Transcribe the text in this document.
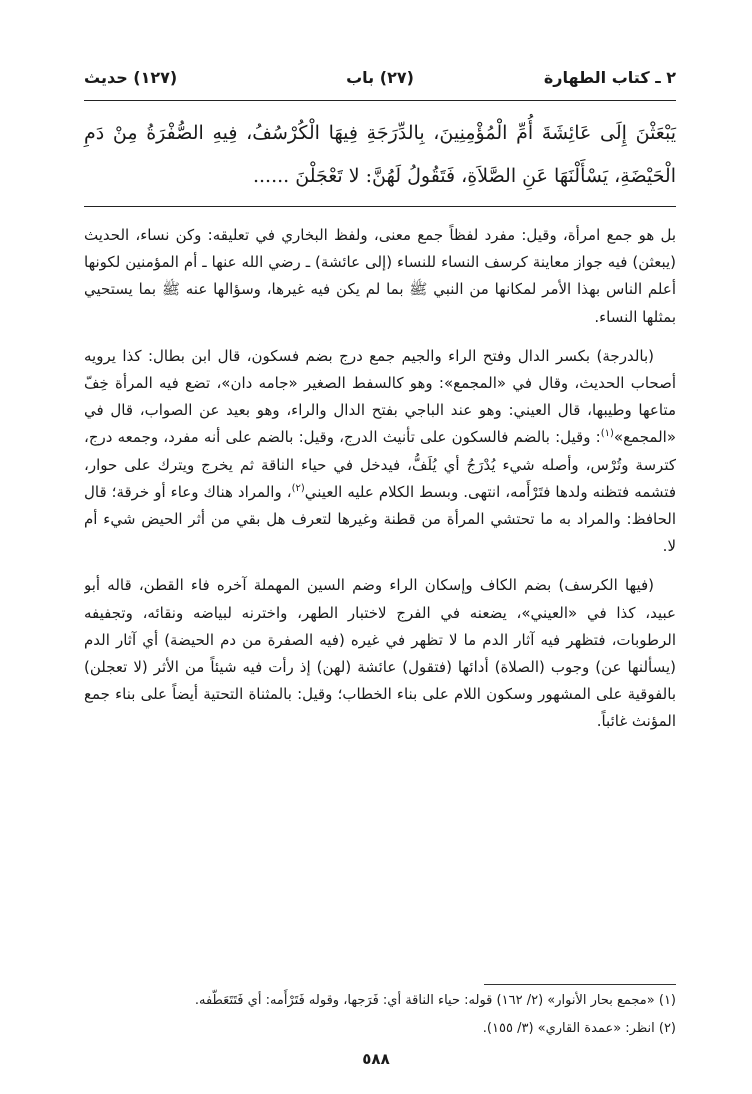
٢ ـ كتاب الطهارة
(٢٧) باب
(١٢٧) حديث
يَبْعَثْنَ إِلَى عَائِشَةَ أُمِّ الْمُؤْمِنِينَ، بِالدِّرَجَةِ فِيهَا الْكُرْسُفُ، فِيهِ الصُّفْرَةُ مِنْ دَمِ الْحَيْضَةِ، يَسْأَلْنَهَا عَنِ الصَّلاَةِ، فَتَقُولُ لَهُنَّ: لا تَعْجَلْنَ ......

بل هو جمع امرأة، وقيل: مفرد لفظاً جمع معنى، ولفظ البخاري في تعليقه: وكن نساء، الحديث (يبعثن) فيه جواز معاينة كرسف النساء للنساء (إلى عائشة) ـ رضي الله عنها ـ أم المؤمنين لكونها أعلم الناس بهذا الأمر لمكانها من النبي ﷺ بما لم يكن فيه غيرها، وسؤالها عنه ﷺ بما يستحيي بمثلها النساء.

(بالدرجة) بكسر الدال وفتح الراء والجيم جمع درج بضم فسكون، قال ابن بطال: كذا يرويه أصحاب الحديث، وقال في «المجمع»: وهو كالسفط الصغير «جامه دان»، تضع فيه المرأة خِفّ متاعها وطيبها، قال العيني: وهو عند الباجي بفتح الدال والراء، وهو بعيد عن الصواب، قال في «المجمع»$^{(١)}$: وقيل: بالضم فالسكون على تأنيث الدرج، وقيل: بالضم على أنه مفرد، وجمعه درج، كترسة وتُرْس، وأصله شيء يُدْرَجُ أي يُلَفُّ، فيدخل في حياء الناقة ثم يخرج ويترك على حوار، فتشمه فتظنه ولدها فتَرْأَمه، انتهى. وبسط الكلام عليه العيني$^{(٢)}$، والمراد هناك وعاء أو خرقة؛ قال الحافظ: والمراد به ما تحتشي المرأة من قطنة وغيرها لتعرف هل بقي من أثر الحيض شيء أم لا.

(فيها الكرسف) بضم الكاف وإسكان الراء وضم السين المهملة آخره فاء القطن، قاله أبو عبيد، كذا في «العيني»، يضعنه في الفرج لاختبار الطهر، واخترنه لبياضه ونقائه، وتجفيفه الرطوبات، فتظهر فيه آثار الدم ما لا تظهر في غيره (فيه الصفرة من دم الحيضة) أي آثار الدم (يسألنها عن) وجوب (الصلاة) أدائها (فتقول) عائشة (لهن) إذ رأت فيه شيئاً من الأثر (لا تعجلن) بالفوقية على المشهور وسكون اللام على بناء الخطاب؛ وقيل: بالمثناة التحتية أيضاً على بناء جمع المؤنث غائباً.

(١) «مجمع بحار الأنوار» (٢/ ١٦٢) قوله: حياء الناقة أي: فَرَجها، وقوله فَتَرْأَمه: أي فَتَتَعَطّفه.

(٢) انظر: «عمدة القاري» (٣/ ١٥٥).

٥٨٨
